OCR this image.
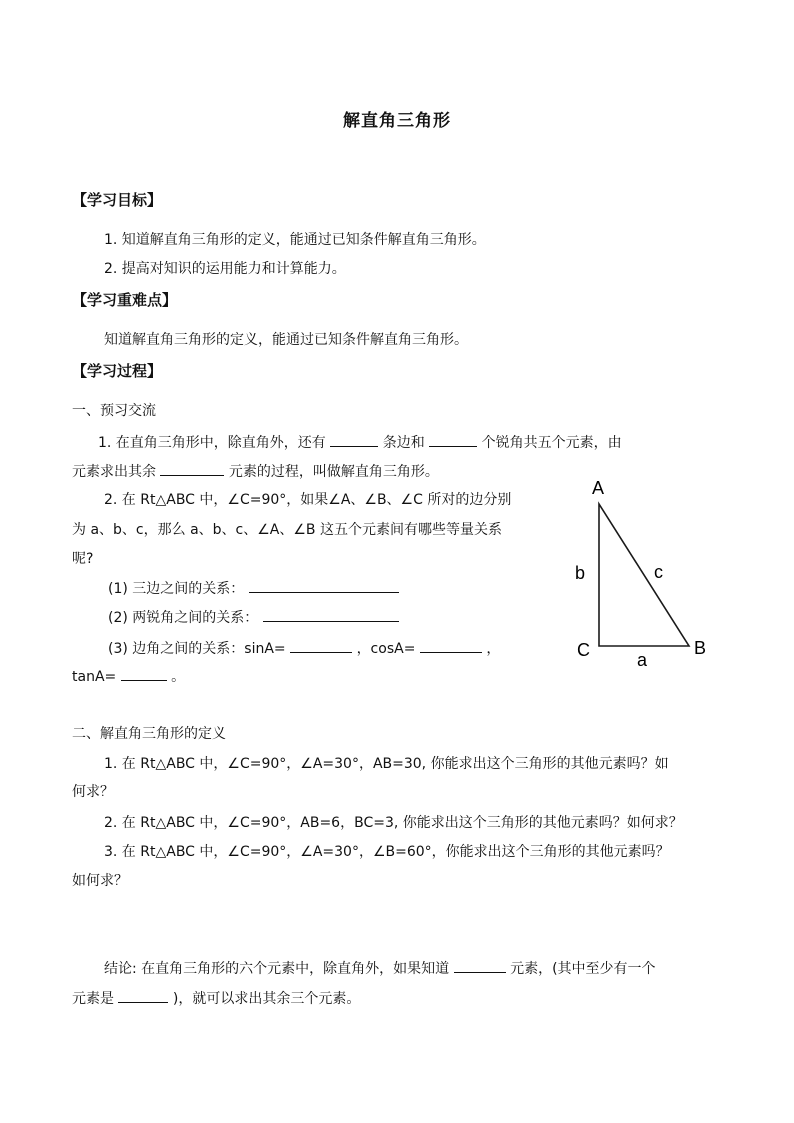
解直角三角形
【学习目标】
1. 知道解直角三角形的定义，能通过已知条件解直角三角形。
2. 提高对知识的运用能力和计算能力。
【学习重难点】
知道解直角三角形的定义，能通过已知条件解直角三角形。
【学习过程】
一、预习交流
1. 在直角三角形中，除直角外，还有	条边和	个锐角共五个元素，由
元素求出其余	元素的过程，叫做解直角三角形。
2. 在 Rt△ABC 中，∠C=90°，如果∠A、∠B、∠C 所对的边分别
为 a、b、c，那么 a、b、c、∠A、∠B 这五个元素间有哪些等量关系
呢?
(1) 三边之间的关系：
(2) 两锐角之间的关系：
(3) 边角之间的关系：sinA=	，cosA=	，
tanA=	。
A
B
C	a
b	c
二、解直角三角形的定义
1. 在 Rt△ABC 中，∠C=90°，∠A=30°，AB=30, 你能求出这个三角形的其他元素吗？如
何求？
2. 在 Rt△ABC 中，∠C=90°，AB=6，BC=3, 你能求出这个三角形的其他元素吗？如何求？
3. 在 Rt△ABC 中，∠C=90°，∠A=30°，∠B=60°，你能求出这个三角形的其他元素吗？
如何求？
结论: 在直角三角形的六个元素中，除直角外，如果知道	元素，(其中至少有一个
元素是	)，就可以求出其余三个元素。
